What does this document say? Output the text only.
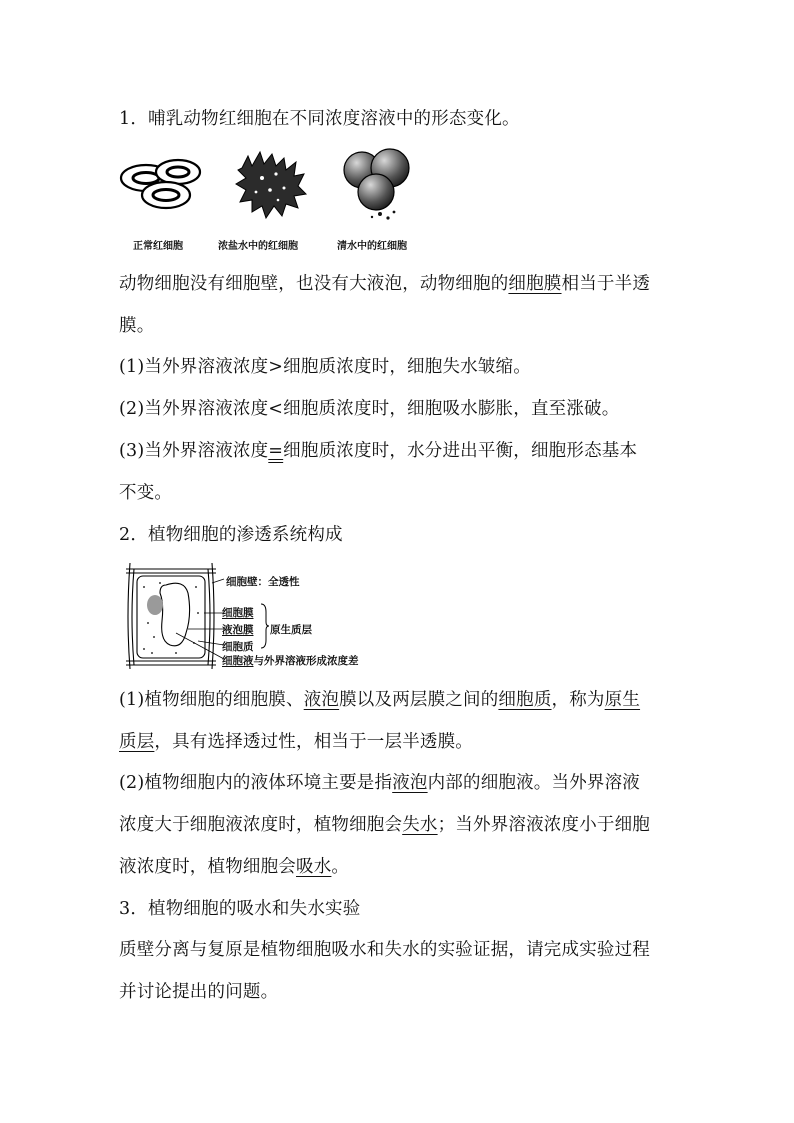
1．哺乳动物红细胞在不同浓度溶液中的形态变化。
正常红细胞	浓盐水中的红细胞	清水中的红细胞
动物细胞没有细胞壁，也没有大液泡，动物细胞的细胞膜相当于半透
膜。
(1)当外界溶液浓度>细胞质浓度时，细胞失水皱缩。
(2)当外界溶液浓度<细胞质浓度时，细胞吸水膨胀，直至涨破。
(3)当外界溶液浓度=细胞质浓度时，水分进出平衡，细胞形态基本
不变。
2．植物细胞的渗透系统构成
细胞壁：全透性
细胞膜
液泡膜 原生质层
细胞质
细胞液与外界溶液形成浓度差
(1)植物细胞的细胞膜、液泡膜以及两层膜之间的细胞质，称为原生
质层，具有选择透过性，相当于一层半透膜。
(2)植物细胞内的液体环境主要是指液泡内部的细胞液。当外界溶液
浓度大于细胞液浓度时，植物细胞会失水；当外界溶液浓度小于细胞
液浓度时，植物细胞会吸水。
3．植物细胞的吸水和失水实验
质壁分离与复原是植物细胞吸水和失水的实验证据，请完成实验过程
并讨论提出的问题。
